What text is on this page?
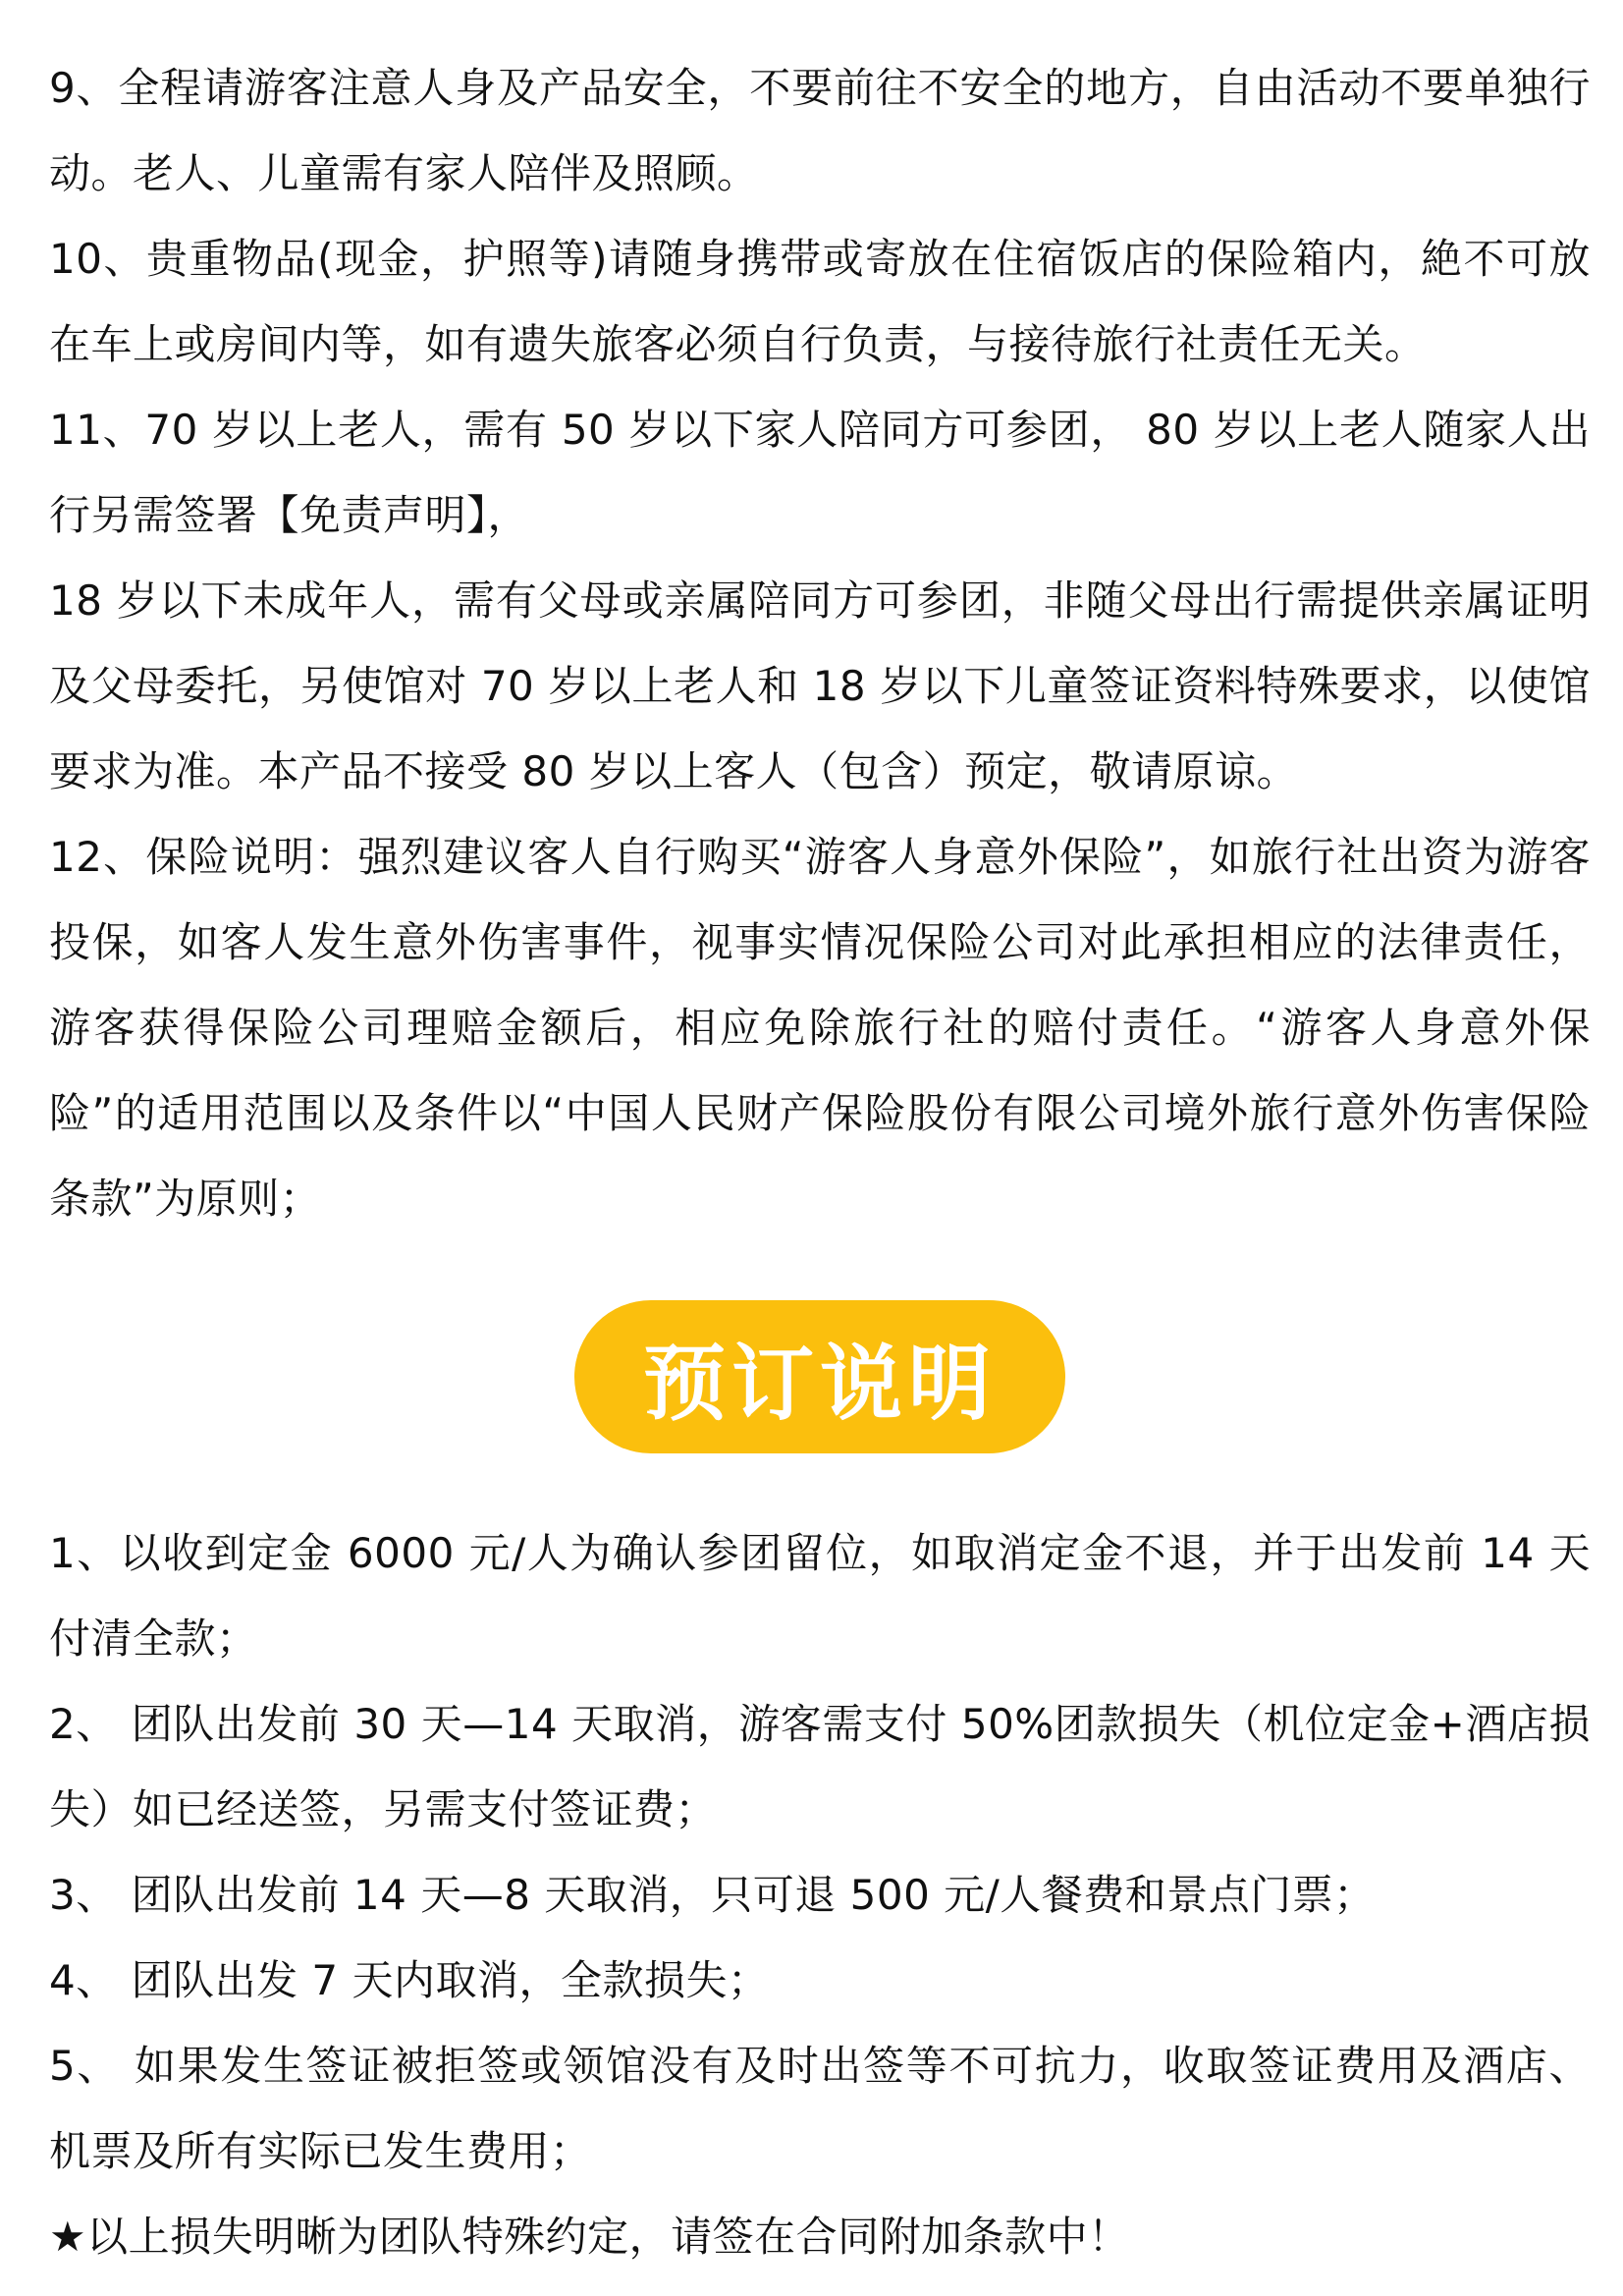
9、全程请游客注意人身及产品安全，不要前往不安全的地方，自由活动不要单独行动。老人、儿童需有家人陪伴及照顾。

10、贵重物品(现金，护照等)请随身携带或寄放在住宿饭店的保险箱内，絶不可放在车上或房间内等，如有遗失旅客必须自行负责，与接待旅行社责任无关。

11、70 岁以上老人，需有 50 岁以下家人陪同方可参团， 80 岁以上老人随家人出行另需签署【免责声明】，

18 岁以下未成年人，需有父母或亲属陪同方可参团，非随父母出行需提供亲属证明及父母委托，另使馆对 70 岁以上老人和 18 岁以下儿童签证资料特殊要求，以使馆要求为准。本产品不接受 80 岁以上客人（包含）预定，敬请原谅。

12、保险说明：强烈建议客人自行购买“游客人身意外保险”，如旅行社出资为游客投保，如客人发生意外伤害事件，视事实情况保险公司对此承担相应的法律责任，游客获得保险公司理赔金额后，相应免除旅行社的赔付责任。“游客人身意外保险”的适用范围以及条件以“中国人民财产保险股份有限公司境外旅行意外伤害保险条款”为原则；

预订说明

1、以收到定金 6000 元/人为确认参团留位，如取消定金不退，并于出发前 14 天付清全款；

2、 团队出发前 30 天—14 天取消，游客需支付 50%团款损失（机位定金+酒店损失）如已经送签，另需支付签证费；

3、 团队出发前 14 天—8 天取消，只可退 500 元/人餐费和景点门票；

4、 团队出发 7 天内取消，全款损失；

5、 如果发生签证被拒签或领馆没有及时出签等不可抗力，收取签证费用及酒店、机票及所有实际已发生费用；

★以上损失明晰为团队特殊约定，请签在合同附加条款中！
